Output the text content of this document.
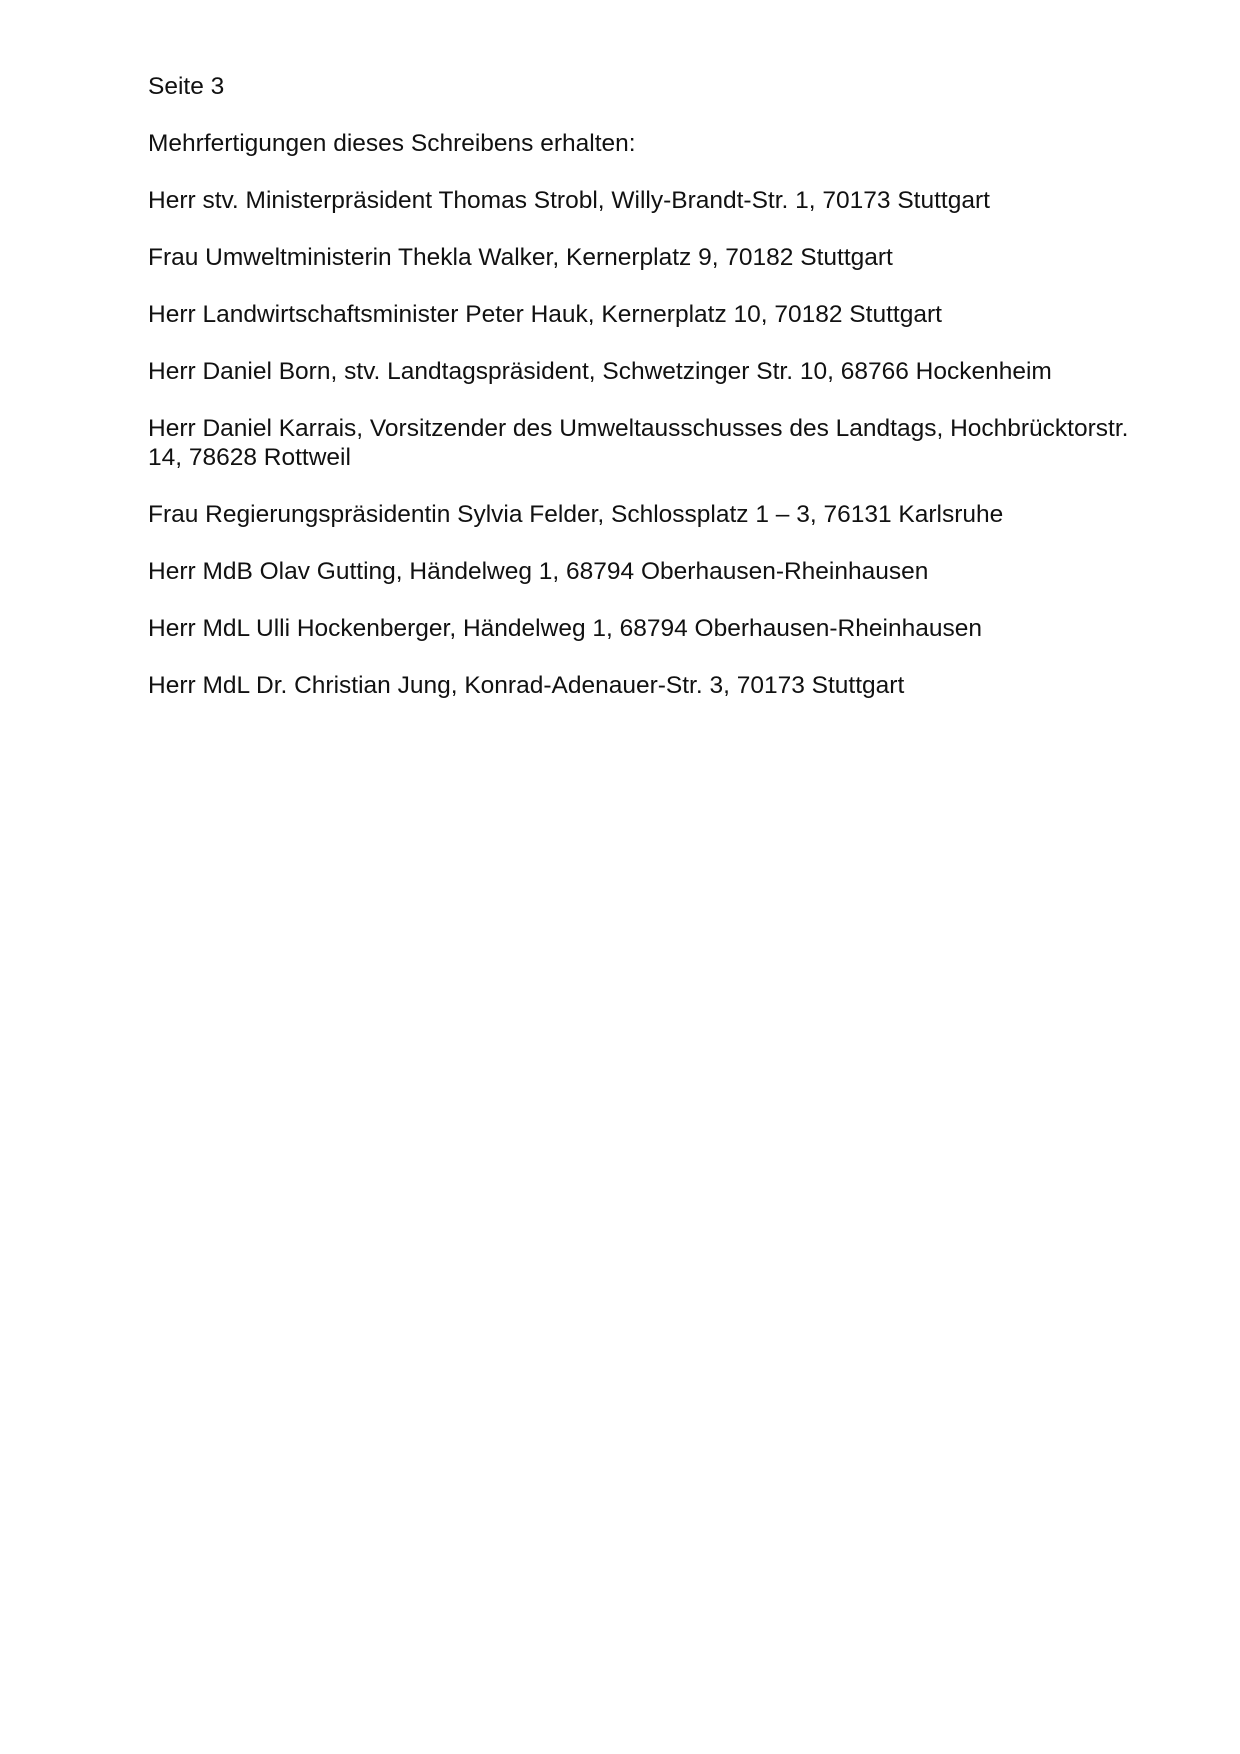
Seite 3
Mehrfertigungen dieses Schreibens erhalten:
Herr stv. Ministerpräsident Thomas Strobl, Willy-Brandt-Str. 1, 70173 Stuttgart
Frau Umweltministerin Thekla Walker, Kernerplatz 9, 70182 Stuttgart
Herr Landwirtschaftsminister Peter Hauk, Kernerplatz 10, 70182 Stuttgart
Herr Daniel Born, stv. Landtagspräsident, Schwetzinger Str. 10, 68766 Hockenheim
Herr Daniel Karrais, Vorsitzender des Umweltausschusses des Landtags, Hochbrücktorstr. 14, 78628 Rottweil
Frau Regierungspräsidentin Sylvia Felder, Schlossplatz 1 – 3, 76131 Karlsruhe
Herr MdB Olav Gutting, Händelweg 1, 68794 Oberhausen-Rheinhausen
Herr MdL Ulli Hockenberger, Händelweg 1, 68794 Oberhausen-Rheinhausen
Herr MdL Dr. Christian Jung, Konrad-Adenauer-Str. 3, 70173 Stuttgart
